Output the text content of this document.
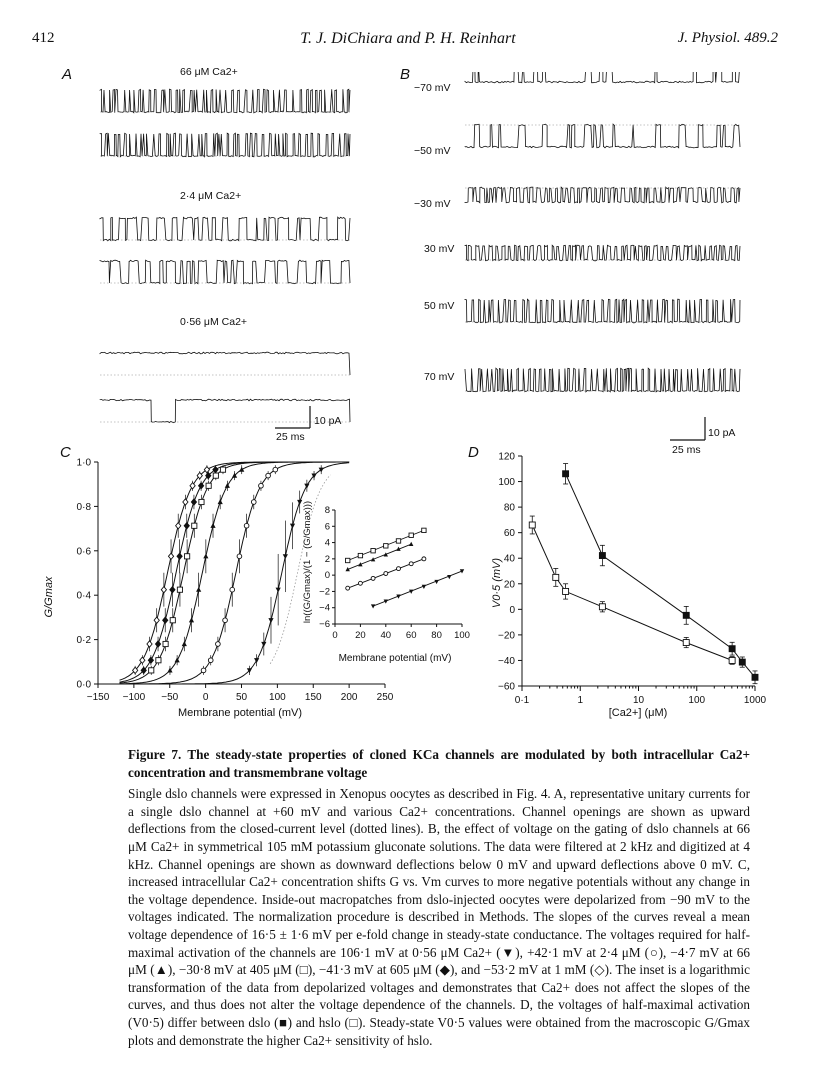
412	T. J. DiChiara and P. H. Reinhart	J. Physiol. 489.2
A	66 μM Ca2+
2·4 μM Ca2+
0·56 μM Ca2+
10 pA
25 ms
B
−70 mV
−50 mV
−30 mV
30 mV
50 mV
70 mV
10 pA
25 ms
C
−150 −100 −50 0	50 100 150 200 250
0·0
0·2
0·4
0·6
0·8
1·0
G/Gmax
Membrane potential (mV)
0 20 40 60 80 100
−6
−4
−2
0
2
4
6
8
ln((G/Gmax)/(1 − (G/Gmax)))
Membrane potential (mV)
D
0·1	1	10	100	1000
−60
−40
−20
0
20
40
60
80
100
120
V0·5 (mV)
[Ca2+] (μM)

Figure 7. The steady-state properties of cloned KCa channels are modulated by both intracellular Ca2+ concentration and transmembrane voltage

Single dslo channels were expressed in Xenopus oocytes as described in Fig. 4. A, representative unitary currents for a single dslo channel at +60 mV and various Ca2+ concentrations. Channel openings are shown as upward deflections from the closed-current level (dotted lines). B, the effect of voltage on the gating of dslo channels at 66 μM Ca2+ in symmetrical 105 mM potassium gluconate solutions. The data were filtered at 2 kHz and digitized at 4 kHz. Channel openings are shown as downward deflections below 0 mV and upward deflections above 0 mV. C, increased intracellular Ca2+ concentration shifts G vs. Vm curves to more negative potentials without any change in the voltage dependence. Inside-out macropatches from dslo-injected oocytes were depolarized from −90 mV to the voltages indicated. The normalization procedure is described in Methods. The slopes of the curves reveal a mean voltage dependence of 16·5 ± 1·6 mV per e-fold change in steady-state conductance. The voltages required for half-maximal activation of the channels are 106·1 mV at 0·56 μM Ca2+ (▼), +42·1 mV at 2·4 μM (○), −4·7 mV at 66 μM (▲), −30·8 mV at 405 μM (□), −41·3 mV at 605 μM (◆), and −53·2 mV at 1 mM (◇). The inset is a logarithmic transformation of the data from depolarized voltages and demonstrates that Ca2+ does not affect the slopes of the curves, and thus does not alter the voltage dependence of the channels. D, the voltages of half-maximal activation (V0·5) differ between dslo (■) and hslo (□). Steady-state V0·5 values were obtained from the macroscopic G/Gmax plots and demonstrate the higher Ca2+ sensitivity of hslo.
